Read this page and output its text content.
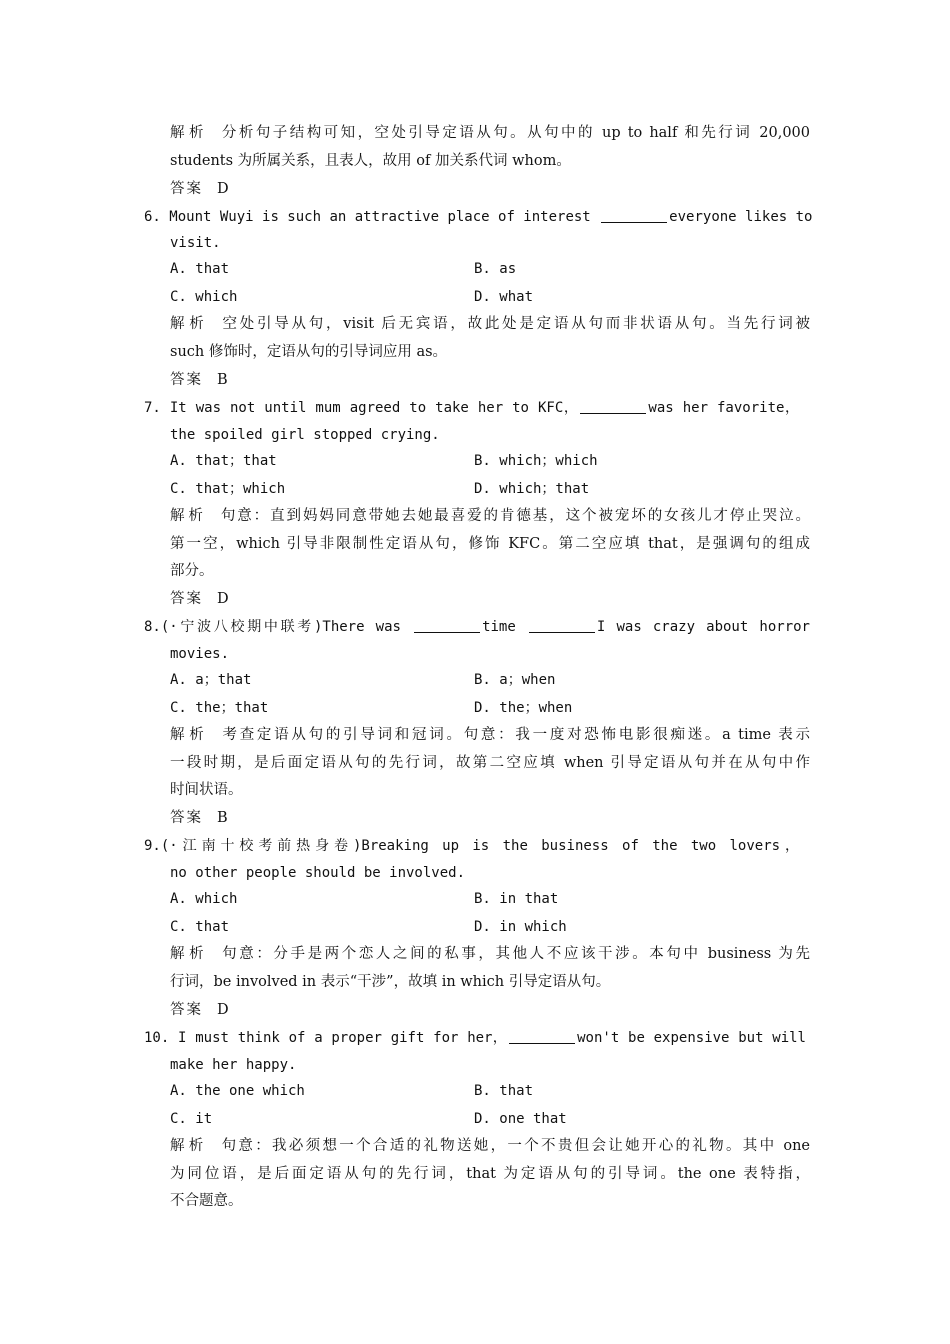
解析 分析句子结构可知，空处引导定语从句。从句中的 up to half 和先行词 20,000
students 为所属关系，且表人，故用 of 加关系代词 whom。
答案 D
6. Mount Wuyi is such an attractive place of interest	everyone likes to
visit.
A. that	B. as
C. which	D. what
解析 空处引导从句，visit 后无宾语，故此处是定语从句而非状语从句。当先行词被
such 修饰时，定语从句的引导词应用 as。
答案 B
7. It was not until mum agreed to take her to KFC，	was her favorite，
the spoiled girl stopped crying.
A. that；that	B. which；which
C. that；which	D. which；that
解析 句意：直到妈妈同意带她去她最喜爱的肯德基，这个被宠坏的女孩儿才停止哭泣。
第一空，which 引导非限制性定语从句，修饰 KFC。第二空应填 that，是强调句的组成
部分。
答案 D
8.(·宁波八校期中联考)There was	time	I was crazy about horror
movies.
A. a；that	B. a；when
C. the；that	D. the；when
解析 考查定语从句的引导词和冠词。句意：我一度对恐怖电影很痴迷。a time 表示
一段时期，是后面定语从句的先行词，故第二空应填 when 引导定语从句并在从句中作
时间状语。
答案 B
9.(·江南十校考前热身卷)Breaking up is the business of the two lovers，
no other people should be involved.
A. which	B. in that
C. that	D. in which
解析 句意：分手是两个恋人之间的私事，其他人不应该干涉。本句中 business 为先
行词，be involved in 表示“干涉”，故填 in which 引导定语从句。
答案 D
10. I must think of a proper gift for her，	won't be expensive but will
make her happy.
A. the one which	B. that
C. it	D. one that
解析 句意：我必须想一个合适的礼物送她，一个不贵但会让她开心的礼物。其中 one
为同位语，是后面定语从句的先行词，that 为定语从句的引导词。the one 表特指，
不合题意。
